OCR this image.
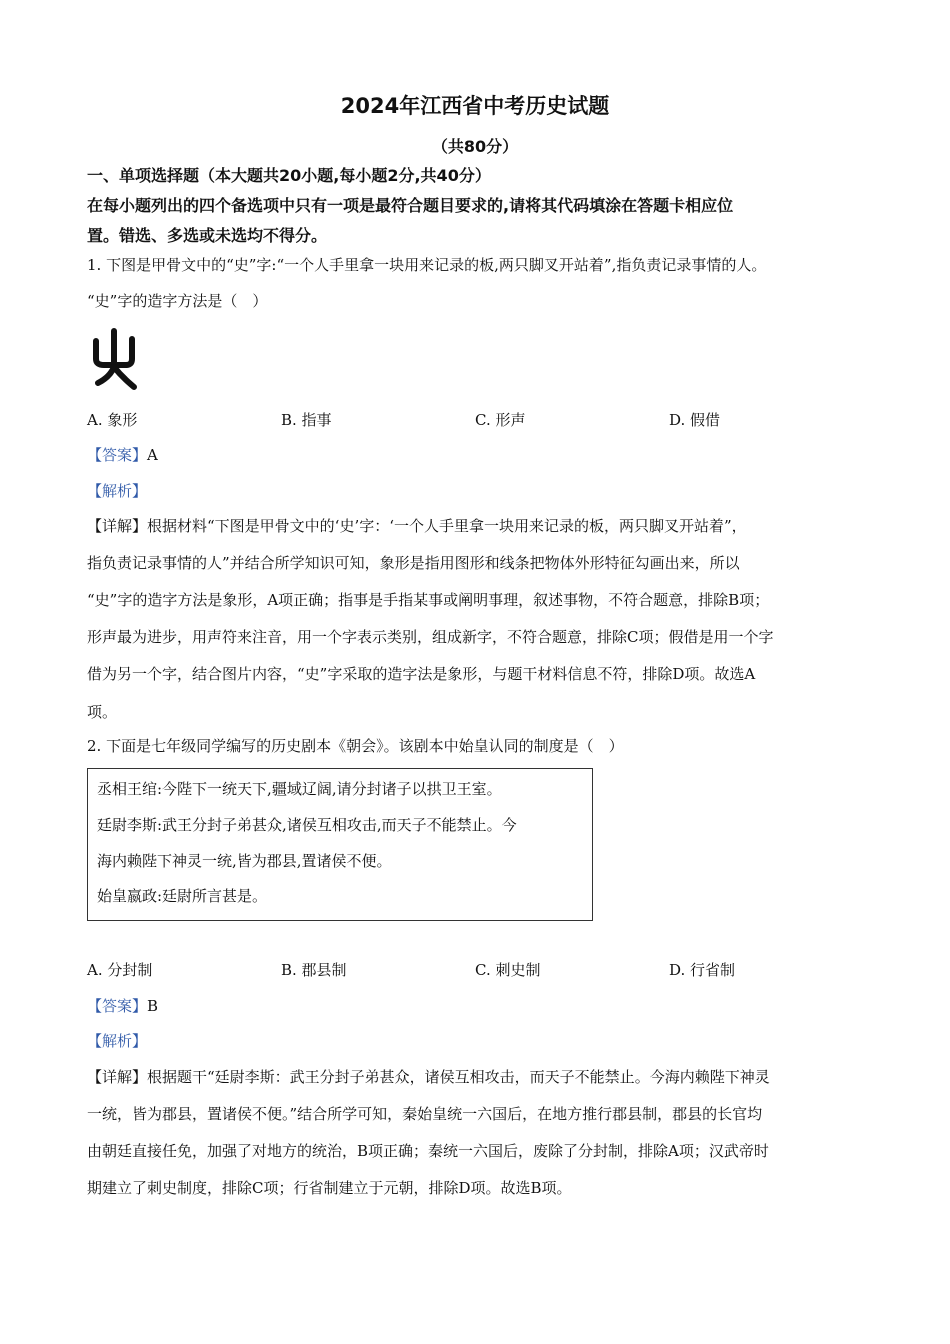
2024年江西省中考历史试题
（共80分）
一、单项选择题（本大题共20小题,每小题2分,共40分）
在每小题列出的四个备选项中只有一项是最符合题目要求的,请将其代码填涂在答题卡相应位
置。错选、多选或未选均不得分。
1. 下图是甲骨文中的“史”字:“一个人手里拿一块用来记录的板,两只脚叉开站着”,指负责记录事情的人。
“史”字的造字方法是（　）
A. 象形	B. 指事	C. 形声	D. 假借
【答案】A
【解析】
【详解】根据材料“下图是甲骨文中的‘史’字：‘一个人手里拿一块用来记录的板，两只脚叉开站着”，
指负责记录事情的人”并结合所学知识可知，象形是指用图形和线条把物体外形特征勾画出来，所以
“史”字的造字方法是象形，A项正确；指事是手指某事或阐明事理，叙述事物，不符合题意，排除B项；
形声最为进步，用声符来注音，用一个字表示类别，组成新字，不符合题意，排除C项；假借是用一个字
借为另一个字，结合图片内容，“史”字采取的造字法是象形，与题干材料信息不符，排除D项。故选A
项。
2. 下面是七年级同学编写的历史剧本《朝会》。该剧本中始皇认同的制度是（　）
丞相王绾:今陛下一统天下,疆域辽阔,请分封诸子以拱卫王室。
廷尉李斯:武王分封子弟甚众,诸侯互相攻击,而天子不能禁止。今
海内赖陛下神灵一统,皆为郡县,置诸侯不便。
始皇嬴政:廷尉所言甚是。
A. 分封制	B. 郡县制	C. 刺史制	D. 行省制
【答案】B
【解析】
【详解】根据题干“廷尉李斯：武王分封子弟甚众，诸侯互相攻击，而天子不能禁止。今海内赖陛下神灵
一统，皆为郡县，置诸侯不便。”结合所学可知，秦始皇统一六国后，在地方推行郡县制，郡县的长官均
由朝廷直接任免，加强了对地方的统治，B项正确；秦统一六国后，废除了分封制，排除A项；汉武帝时
期建立了刺史制度，排除C项；行省制建立于元朝，排除D项。故选B项。
